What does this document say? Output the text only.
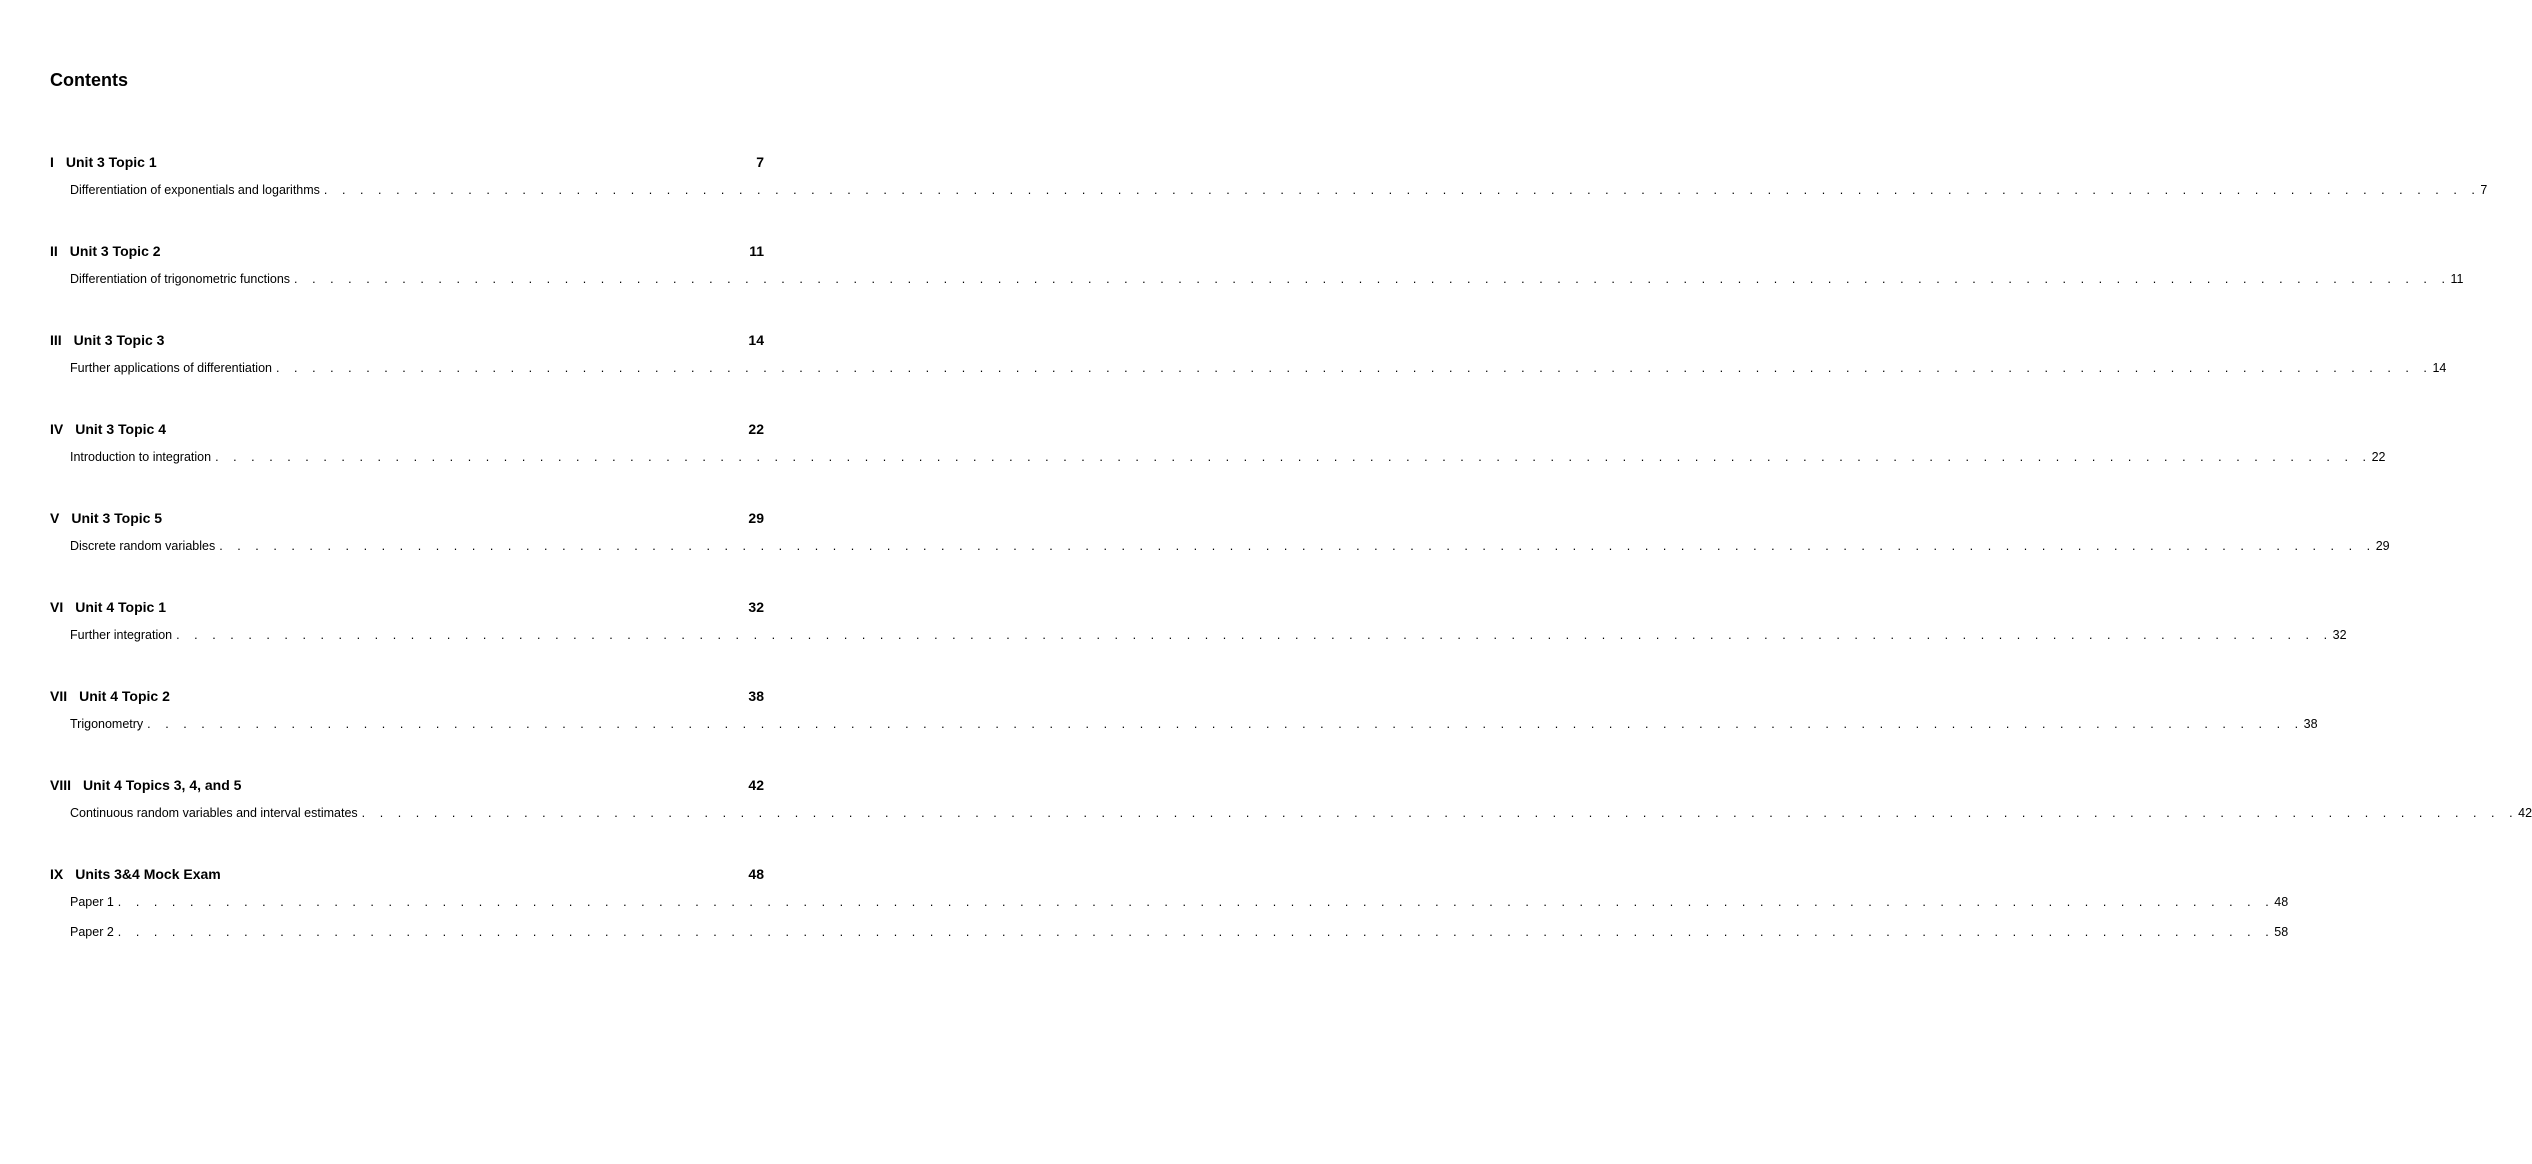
Contents
I Unit 3 Topic 1	7
Differentiation of exponentials and logarithms . . . . . . . . . . . . . . . . . . . . . . . . . . . . . . . . . . . . . . . . . . . . . . . . . . . . . . . . . . . . . . . . . . . . . . . . . . . . . . . . . . . . . . . . . . . . . . . . . . . . . . . . . . . . . . . . . . . . . . . . 7
II Unit 3 Topic 2	11
Differentiation of trigonometric functions . . . . . . . . . . . . . . . . . . . . . . . . . . . . . . . . . . . . . . . . . . . . . . . . . . . . . . . . . . . . . . . . . . . . . . . . . . . . . . . . . . . . . . . . . . . . . . . . . . . . . . . . . . . . . . . . . . . . . . . . 11
III Unit 3 Topic 3	14
Further applications of differentiation . . . . . . . . . . . . . . . . . . . . . . . . . . . . . . . . . . . . . . . . . . . . . . . . . . . . . . . . . . . . . . . . . . . . . . . . . . . . . . . . . . . . . . . . . . . . . . . . . . . . . . . . . . . . . . . . . . . . . . . . 14
IV Unit 3 Topic 4	22
Introduction to integration . . . . . . . . . . . . . . . . . . . . . . . . . . . . . . . . . . . . . . . . . . . . . . . . . . . . . . . . . . . . . . . . . . . . . . . . . . . . . . . . . . . . . . . . . . . . . . . . . . . . . . . . . . . . . . . . . . . . . . . . 22
V Unit 3 Topic 5	29
Discrete random variables . . . . . . . . . . . . . . . . . . . . . . . . . . . . . . . . . . . . . . . . . . . . . . . . . . . . . . . . . . . . . . . . . . . . . . . . . . . . . . . . . . . . . . . . . . . . . . . . . . . . . . . . . . . . . . . . . . . . . . . . 29
VI Unit 4 Topic 1	32
Further integration . . . . . . . . . . . . . . . . . . . . . . . . . . . . . . . . . . . . . . . . . . . . . . . . . . . . . . . . . . . . . . . . . . . . . . . . . . . . . . . . . . . . . . . . . . . . . . . . . . . . . . . . . . . . . . . . . . . . . . . . 32
VII Unit 4 Topic 2	38
Trigonometry . . . . . . . . . . . . . . . . . . . . . . . . . . . . . . . . . . . . . . . . . . . . . . . . . . . . . . . . . . . . . . . . . . . . . . . . . . . . . . . . . . . . . . . . . . . . . . . . . . . . . . . . . . . . . . . . . . . . . . . . 38
VIII Unit 4 Topics 3, 4, and 5	42
Continuous random variables and interval estimates . . . . . . . . . . . . . . . . . . . . . . . . . . . . . . . . . . . . . . . . . . . . . . . . . . . . . . . . . . . . . . . . . . . . . . . . . . . . . . . . . . . . . . . . . . . . . . . . . . . . . . . . . . . . . . . . . . . . . . . . 42
IX Units 3&4 Mock Exam	48
Paper 1 . . . . . . . . . . . . . . . . . . . . . . . . . . . . . . . . . . . . . . . . . . . . . . . . . . . . . . . . . . . . . . . . . . . . . . . . . . . . . . . . . . . . . . . . . . . . . . . . . . . . . . . . . . . . . . . . . . . . . . . . 48
Paper 2 . . . . . . . . . . . . . . . . . . . . . . . . . . . . . . . . . . . . . . . . . . . . . . . . . . . . . . . . . . . . . . . . . . . . . . . . . . . . . . . . . . . . . . . . . . . . . . . . . . . . . . . . . . . . . . . . . . . . . . . . 58
